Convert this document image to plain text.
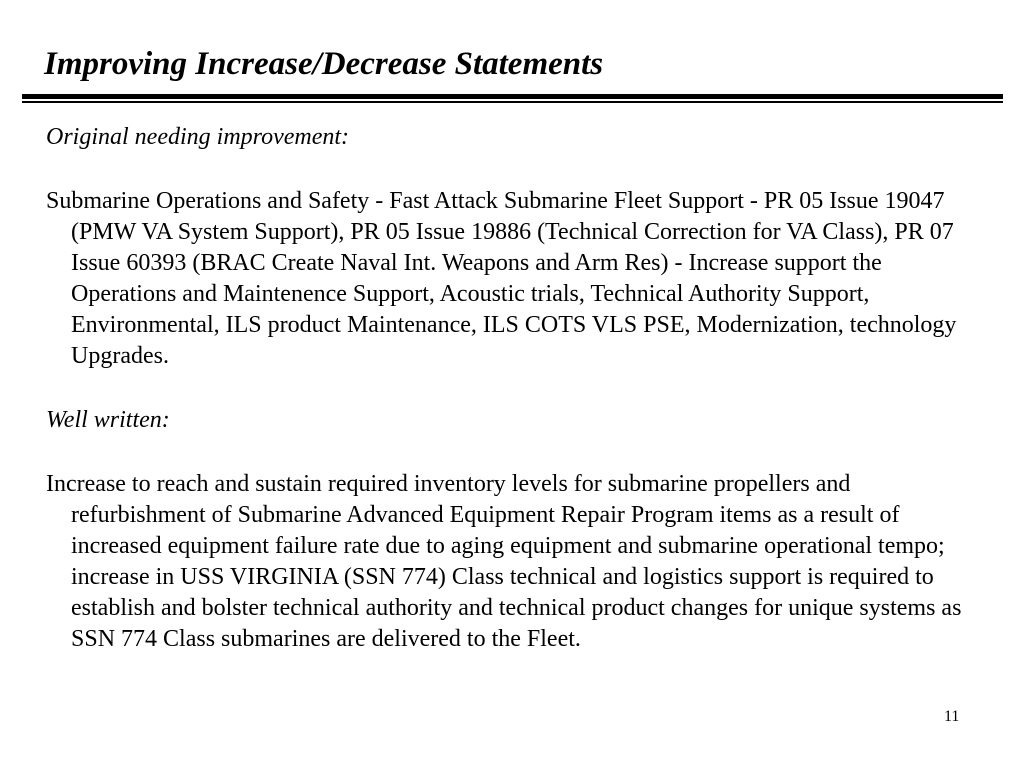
Improving Increase/Decrease Statements

Original needing improvement:

Submarine Operations and Safety - Fast Attack Submarine Fleet Support - PR 05 Issue 19047 (PMW VA System Support), PR 05 Issue 19886 (Technical Correction for VA Class), PR 07 Issue 60393 (BRAC Create Naval Int. Weapons and Arm Res) - Increase support the Operations and Maintenence Support, Acoustic trials, Technical Authority Support, Environmental, ILS product Maintenance, ILS COTS VLS PSE, Modernization, technology Upgrades.

Well written:

Increase to reach and sustain required inventory levels for submarine propellers and refurbishment of Submarine Advanced Equipment Repair Program items as a result of increased equipment failure rate due to aging equipment and submarine operational tempo; increase in USS VIRGINIA (SSN 774) Class technical and logistics support is required to establish and bolster technical authority and technical product changes for unique systems as SSN 774 Class submarines are delivered to the Fleet.

11
